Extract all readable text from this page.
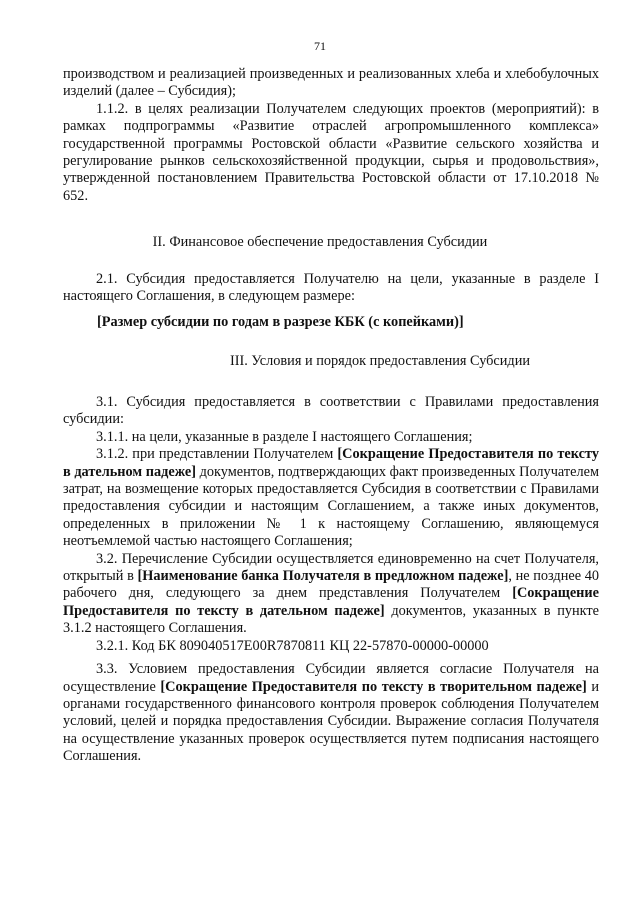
71

производством и реализацией произведенных и реализованных хлеба и хлебобулочных изделий (далее – Субсидия);

1.1.2. в целях реализации Получателем следующих проектов (мероприятий): в рамках подпрограммы «Развитие отраслей агропромышленного комплекса» государственной программы Ростовской области «Развитие сельского хозяйства и регулирование рынков сельскохозяйственной продукции, сырья и продовольствия», утвержденной постановлением Правительства Ростовской области от 17.10.2018 № 652.

II. Финансовое обеспечение предоставления Субсидии

2.1. Субсидия предоставляется Получателю на цели, указанные в разделе I настоящего Соглашения, в следующем размере:

[Размер субсидии по годам в разрезе КБК (с копейками)]

III. Условия и порядок предоставления Субсидии

3.1. Субсидия предоставляется в соответствии с Правилами предоставления субсидии:

3.1.1. на цели, указанные в разделе I настоящего Соглашения;

3.1.2. при представлении Получателем [Сокращение Предоставителя по тексту в дательном падеже] документов, подтверждающих факт произведенных Получателем затрат, на возмещение которых предоставляется Субсидия в соответствии с Правилами предоставления субсидии и настоящим Соглашением, а также иных документов, определенных в приложении № 1 к настоящему Соглашению, являющемуся неотъемлемой частью настоящего Соглашения;

3.2. Перечисление Субсидии осуществляется единовременно на счет Получателя, открытый в [Наименование банка Получателя в предложном падеже], не позднее 40 рабочего дня, следующего за днем представления Получателем [Сокращение Предоставителя по тексту в дательном падеже] документов, указанных в пункте 3.1.2 настоящего Соглашения.

3.2.1. Код БК 809040517Е00R7870811 КЦ 22-57870-00000-00000

3.3. Условием предоставления Субсидии является согласие Получателя на осуществление [Сокращение Предоставителя по тексту в творительном падеже] и органами государственного финансового контроля проверок соблюдения Получателем условий, целей и порядка предоставления Субсидии. Выражение согласия Получателя на осуществление указанных проверок осуществляется путем подписания настоящего Соглашения.
